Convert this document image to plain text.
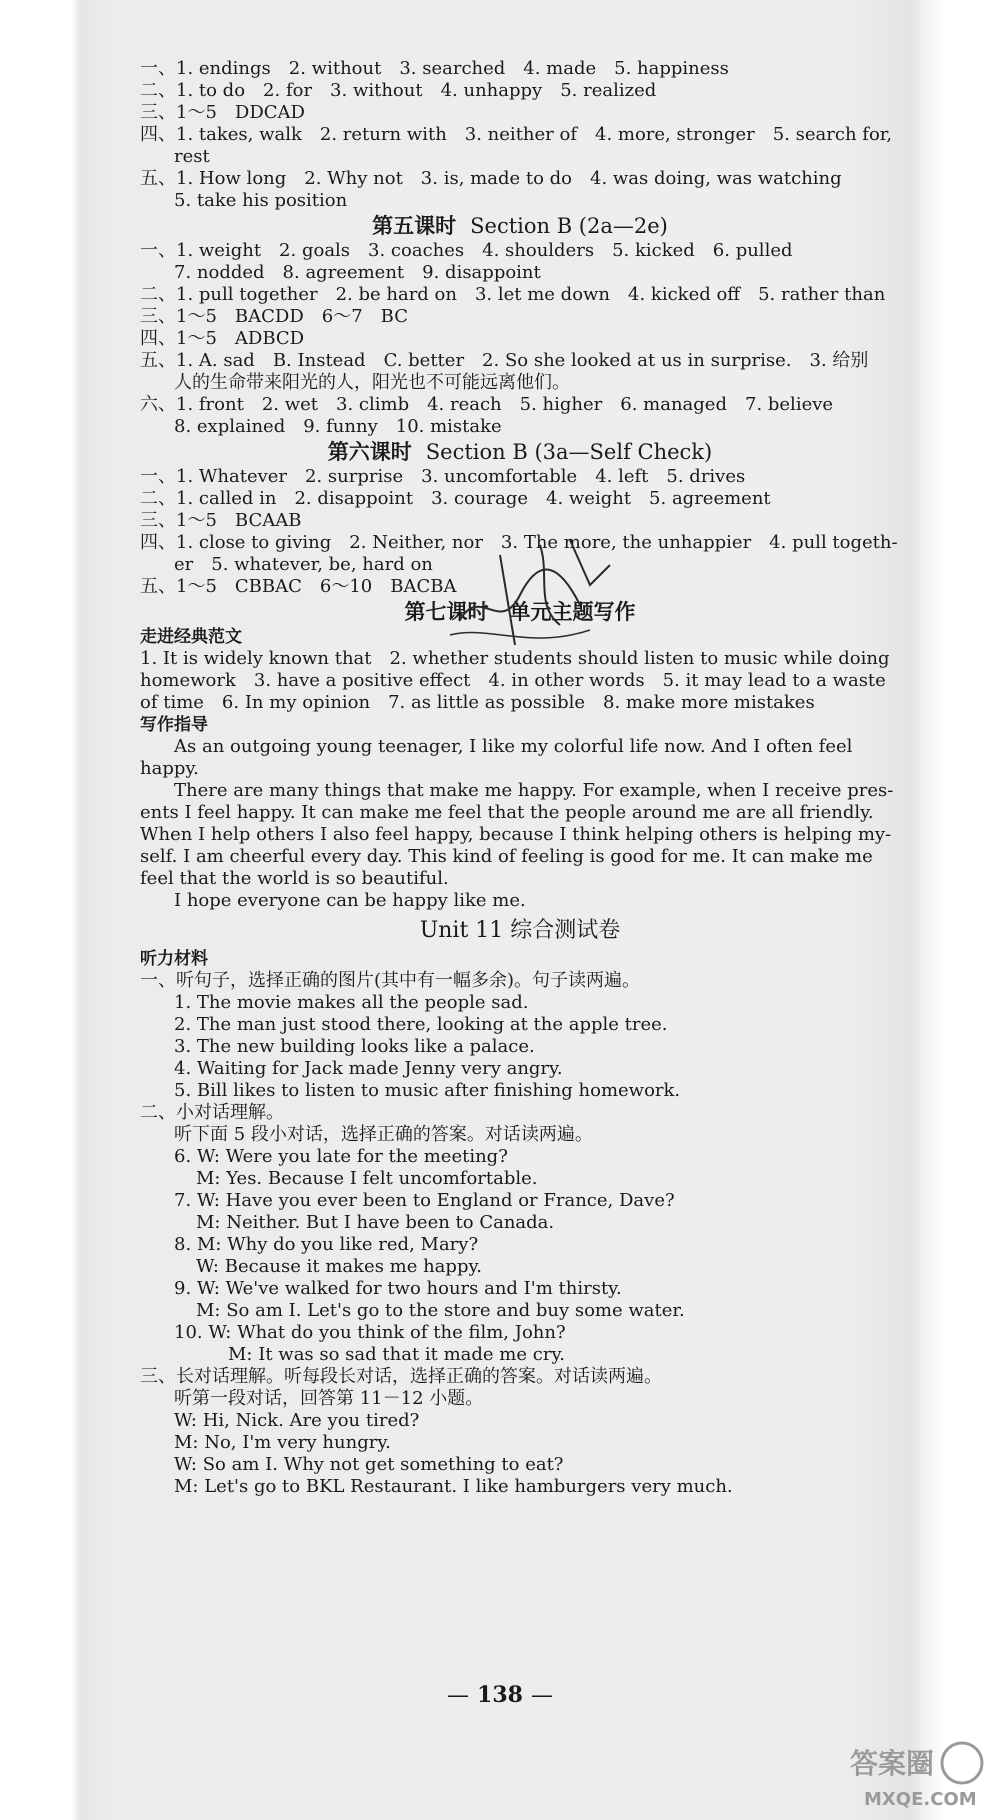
一、1. endings　2. without　3. searched　4. made　5. happiness
二、1. to do　2. for　3. without　4. unhappy　5. realized
三、1～5　DDCAD
四、1. takes, walk　2. return with　3. neither of　4. more, stronger　5. search for,
rest
五、1. How long　2. Why not　3. is, made to do　4. was doing, was watching
5. take his position
第五课时 Section B (2a—2e)
一、1. weight　2. goals　3. coaches　4. shoulders　5. kicked　6. pulled
7. nodded　8. agreement　9. disappoint
二、1. pull together　2. be hard on　3. let me down　4. kicked off　5. rather than
三、1～5　BACDD　6～7　BC
四、1～5　ADBCD
五、1. A. sad　B. Instead　C. better　2. So she looked at us in surprise.　3. 给别
人的生命带来阳光的人，阳光也不可能远离他们。
六、1. front　2. wet　3. climb　4. reach　5. higher　6. managed　7. believe
8. explained　9. funny　10. mistake
第六课时 Section B (3a—Self Check)
一、1. Whatever　2. surprise　3. uncomfortable　4. left　5. drives
二、1. called in　2. disappoint　3. courage　4. weight　5. agreement
三、1～5　BCAAB
四、1. close to giving　2. Neither, nor　3. The more, the unhappier　4. pull togeth-
er　5. whatever, be, hard on
五、1～5　CBBAC　6～10　BACBA
第七课时　单元主题写作
走进经典范文
1. It is widely known that　2. whether students should listen to music while doing
homework　3. have a positive effect　4. in other words　5. it may lead to a waste
of time　6. In my opinion　7. as little as possible　8. make more mistakes
写作指导
As an outgoing young teenager, I like my colorful life now. And I often feel
happy.
There are many things that make me happy. For example, when I receive pres-
ents I feel happy. It can make me feel that the people around me are all friendly.
When I help others I also feel happy, because I think helping others is helping my-
self. I am cheerful every day. This kind of feeling is good for me. It can make me
feel that the world is so beautiful.
I hope everyone can be happy like me.
Unit 11 综合测试卷
听力材料
一、听句子，选择正确的图片(其中有一幅多余)。句子读两遍。
1. The movie makes all the people sad.
2. The man just stood there, looking at the apple tree.
3. The new building looks like a palace.
4. Waiting for Jack made Jenny very angry.
5. Bill likes to listen to music after finishing homework.
二、小对话理解。
听下面 5 段小对话，选择正确的答案。对话读两遍。
6. W: Were you late for the meeting?
M: Yes. Because I felt uncomfortable.
7. W: Have you ever been to England or France, Dave?
M: Neither. But I have been to Canada.
8. M: Why do you like red, Mary?
W: Because it makes me happy.
9. W: We've walked for two hours and I'm thirsty.
M: So am I. Let's go to the store and buy some water.
10. W: What do you think of the film, John?
M: It was so sad that it made me cry.
三、长对话理解。听每段长对话，选择正确的答案。对话读两遍。
听第一段对话，回答第 11－12 小题。
W: Hi, Nick. Are you tired?
M: No, I'm very hungry.
W: So am I. Why not get something to eat?
M: Let's go to BKL Restaurant. I like hamburgers very much.
— 138 —
答案圈
MXQE.COM
